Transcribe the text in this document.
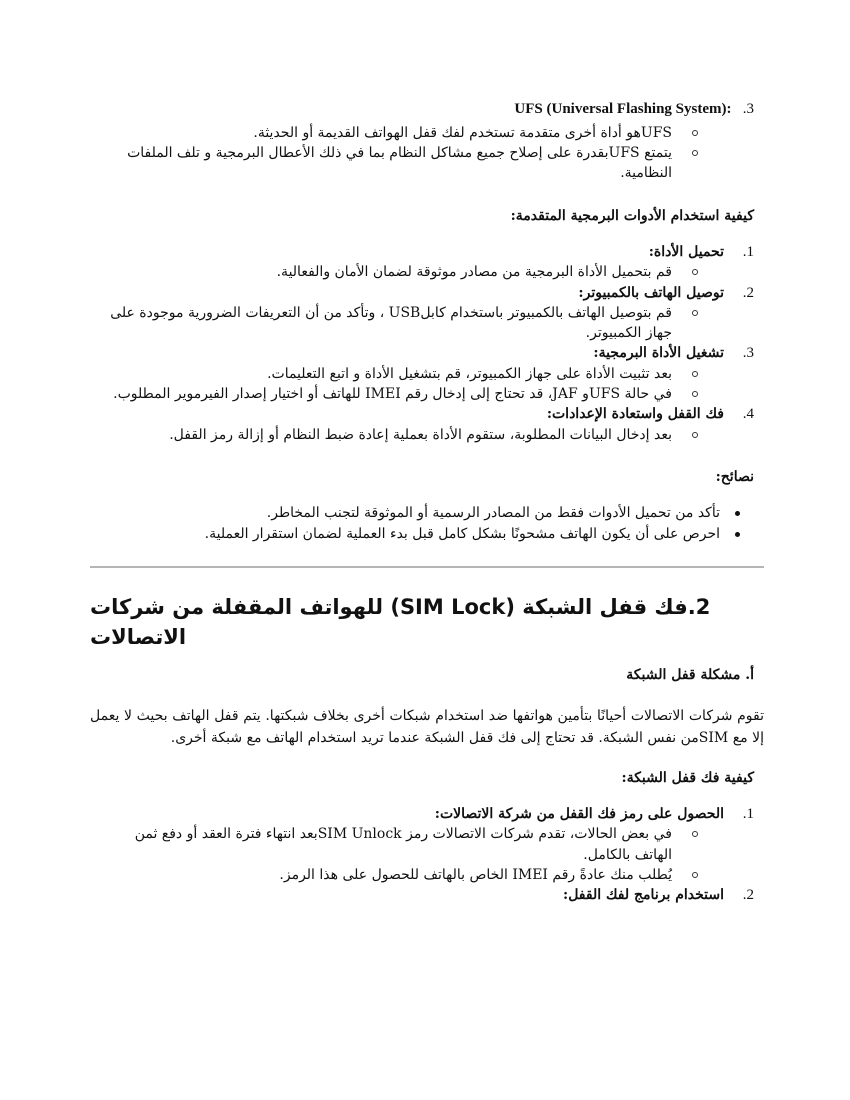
UFS (Universal Flashing System): .3
UFSهو أداة أخرى متقدمة تستخدم لفك قفل الهواتف القديمة أو الحديثة.
يتمتع UFSبقدرة على إصلاح جميع مشاكل النظام بما في ذلك الأعطال البرمجية و تلف الملفات النظامية.
كيفية استخدام الأدوات البرمجية المتقدمة:
1.
تحميل الأداة:
قم بتحميل الأداة البرمجية من مصادر موثوقة لضمان الأمان والفعالية.
2.
توصيل الهاتف بالكمبيوتر:
قم بتوصيل الهاتف بالكمبيوتر باستخدام كابلUSB ، وتأكد من أن التعريفات الضرورية موجودة على جهاز الكمبيوتر.
3.
تشغيل الأداة البرمجية:
بعد تثبيت الأداة على جهاز الكمبيوتر، قم بتشغيل الأداة و اتبع التعليمات.
في حالة UFSو JAF، قد تحتاج إلى إدخال رقم IMEI للهاتف أو اختيار إصدار الفيرموير المطلوب.
4.
فك القفل واستعادة الإعدادات:
بعد إدخال البيانات المطلوبة، ستقوم الأداة بعملية إعادة ضبط النظام أو إزالة رمز القفل.
نصائح:
تأكد من تحميل الأدوات فقط من المصادر الرسمية أو الموثوقة لتجنب المخاطر.
احرص على أن يكون الهاتف مشحونًا بشكل كامل قبل بدء العملية لضمان استقرار العملية.
2.فك قفل الشبكة (SIM Lock) للهواتف المقفلة من شركات الاتصالات
أ. مشكلة قفل الشبكة
تقوم شركات الاتصالات أحيانًا بتأمين هواتفها ضد استخدام شبكات أخرى بخلاف شبكتها. يتم قفل الهاتف بحيث لا يعمل إلا مع SIMمن نفس الشبكة. قد تحتاج إلى فك قفل الشبكة عندما تريد استخدام الهاتف مع شبكة أخرى.
كيفية فك قفل الشبكة:
1.
الحصول على رمز فك القفل من شركة الاتصالات:
في بعض الحالات، تقدم شركات الاتصالات رمز SIM Unlockبعد انتهاء فترة العقد أو دفع ثمن الهاتف بالكامل.
يُطلب منك عادةً رقم IMEI الخاص بالهاتف للحصول على هذا الرمز.
2.
استخدام برنامج لفك القفل:
